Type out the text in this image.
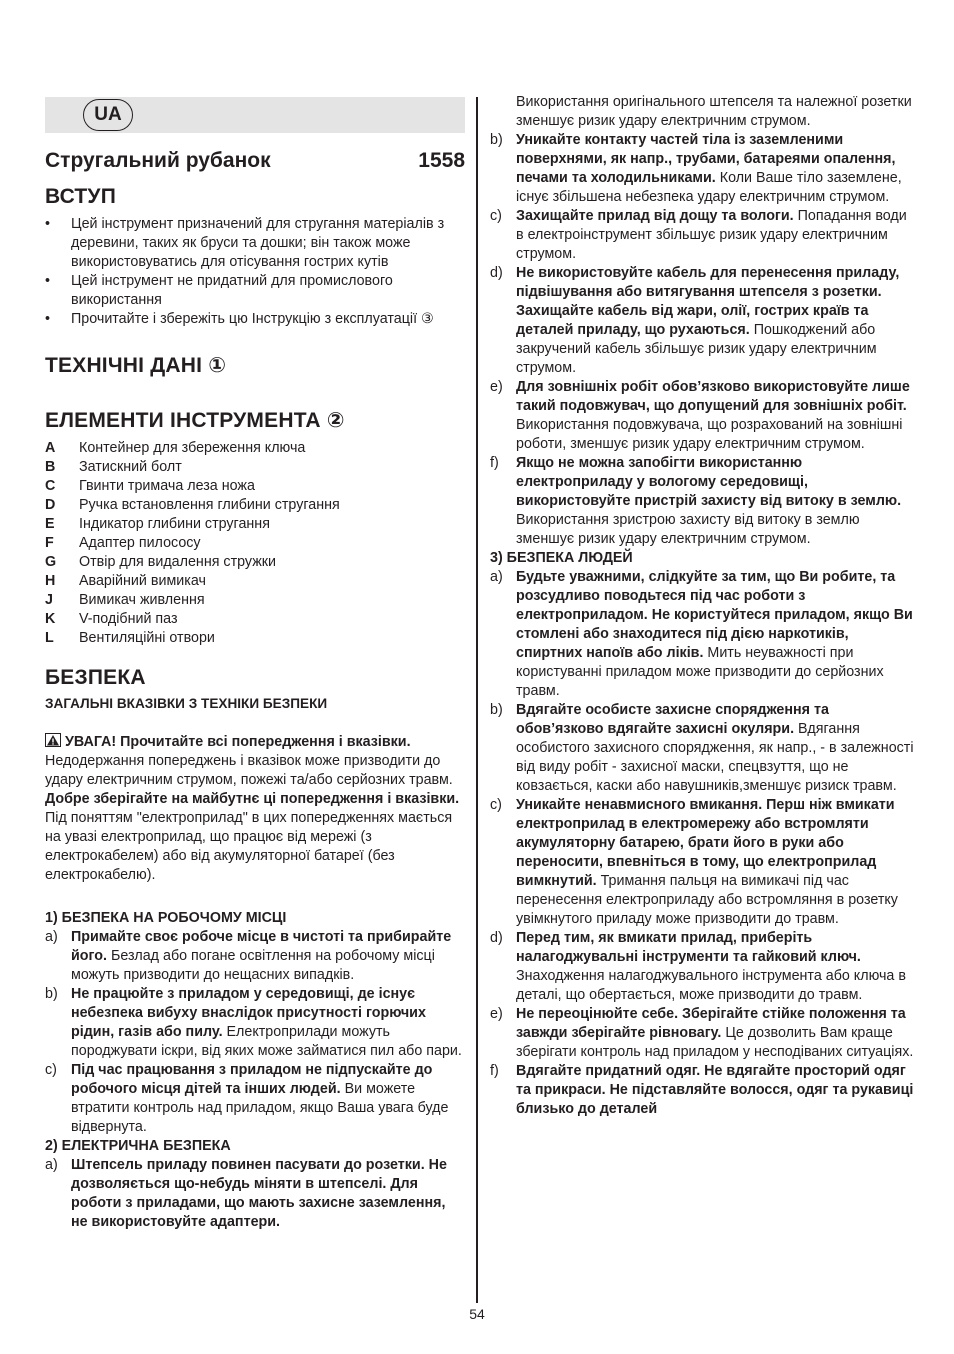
UA
Стругальний рубанок	1558
ВСТУП
•	Цей інструмент призначений для стругання матеріалів з деревини, таких як бруси та дошки; він також може використовуватись для отісування гострих кутів
•	Цей інструмент не придатний для промислового використання
•	Прочитайте і збережіть цю Інструкцію з експлуатації ③
ТЕХНІЧНІ ДАНІ ①
ЕЛЕМЕНТИ ІНСТРУМЕНТА ②
A	Контейнер для збереження ключа
B	Затискний болт
C	Гвинти тримача леза ножа
D	Ручка встановлення глибини стругання
E	Індикатор глибини стругання
F	Адаптер пилососу
G	Отвір для видалення стружки
H	Аварійний вимикач
J	Вимикач живлення
K	V-подібний паз
L	Вентиляційні отвори
БЕЗПЕКА
ЗАГАЛЬНІ ВКАЗІВКИ З ТЕХНІКИ БЕЗПЕКИ
УВАГА! Прочитайте всі попередження і вказівки. Недодержання попереджень і вказівок може призводити до удару електричним струмом, пожежі та/або серйозних травм. Добре зберігайте на майбутнє ці попередження і вказівки. Під поняттям "електроприлад" в цих попередженнях мається на увазі електроприлад, що працює від мережі (з електрокабелем) або від акумуляторної батареї (без електрокабелю).
1) БЕЗПЕКА НА РОБОЧОМУ МІСЦІ
a) Примайте своє робоче місце в чистоті та прибирайте його. Безлад або погане освітлення на робочому місці можуть призводити до нещасних випадків.
b) Не працюйте з приладом у середовищі, де існує небезпека вибуху внаслідок присутності горючих рідин, газів або пилу. Електроприлади можуть породжувати іскри, від яких може займатися пил або пари.
c) Під час працювання з приладом не підпускайте до робочого місця дітей та інших людей. Ви можете втратити контроль над приладом, якщо Ваша увага буде відвернута.
2) ЕЛЕКТРИЧНА БЕЗПЕКА
a) Штепсель приладу повинен пасувати до розетки. Не дозволяється що-небудь міняти в штепселі. Для роботи з приладами, що мають захисне заземлення, не використовуйте адаптери.
Використання оригінального штепселя та належної розетки зменшує ризик удару електричним струмом.
b) Уникайте контакту частей тіла із заземленими поверхнями, як напр., трубами, батареями опалення, печами та холодильниками. Коли Ваше тіло заземлене, існує збільшена небезпека удару електричним струмом.
c) Захищайте прилад від дощу та вологи. Попадання води в електроінструмент збільшує ризик удару електричним струмом.
d) Не використовуйте кабель для перенесення приладу, підвішування або витягування штепселя з розетки. Захищайте кабель від жари, олії, гострих країв та деталей приладу, що рухаються. Пошкоджений або закручений кабель збільшує ризик удару електричним струмом.
e) Для зовнішніх робіт обов’язково використовуйте лише такий подовжувач, що допущений для зовнішніх робіт. Використання подовжувача, що розрахований на зовнішні роботи, зменшує ризик удару електричним струмом.
f)	Якщо не можна запобігти використанню електроприладу у вологому середовищі, використовуйте пристрій захисту від витоку в землю. Використання зристрою захисту від витоку в землю зменшує ризик удару електричним струмом.
3) БЕЗПЕКА ЛЮДЕЙ
a) Будьте уважними, слідкуйте за тим, що Ви робите, та розсудливо поводьтеся під час роботи з електроприладом. Не користуйтеся приладом, якщо Ви стомлені або знаходитеся під дією наркотиків, спиртних напоїв або ліків. Мить неуважності при користуванні приладом може призводити до серйозних травм.
b) Вдягайте особисте захисне спорядження та обов’язково вдягайте захисні окуляри. Вдягання особистого захисного спорядження, як напр., - в залежності від виду робіт - захисної маски, спецвзуття, що не ковзається, каски або навушників,зменшує ризиск травм.
c) Уникайте ненавмисного вмикання. Перш ніж вмикати електроприлад в електромережу або встромляти акумуляторну батарею, брати його в руки або переносити, впевніться в тому, що електроприлад вимкнутий. Тримання пальця на вимикачі під час перенесення електроприладу або встромляння в розетку увімкнутого приладу може призводити до травм.
d) Перед тим, як вмикати прилад, приберіть налагоджувальні інструменти та гайковий ключ. Знаходження налагоджувального інструмента або ключа в деталі, що обертається, може призводити до травм.
e) Не переоцінюйте себе. Зберігайте стійке положення та завжди зберігайте рівновагу. Це дозволить Вам краще зберігати контроль над приладом у несподіваних ситуаціях.
f)	Вдягайте придатний одяг. Не вдягайте просторий одяг та прикраси. Не підставляйте волосся, одяг та рукавиці близько до деталей
54
